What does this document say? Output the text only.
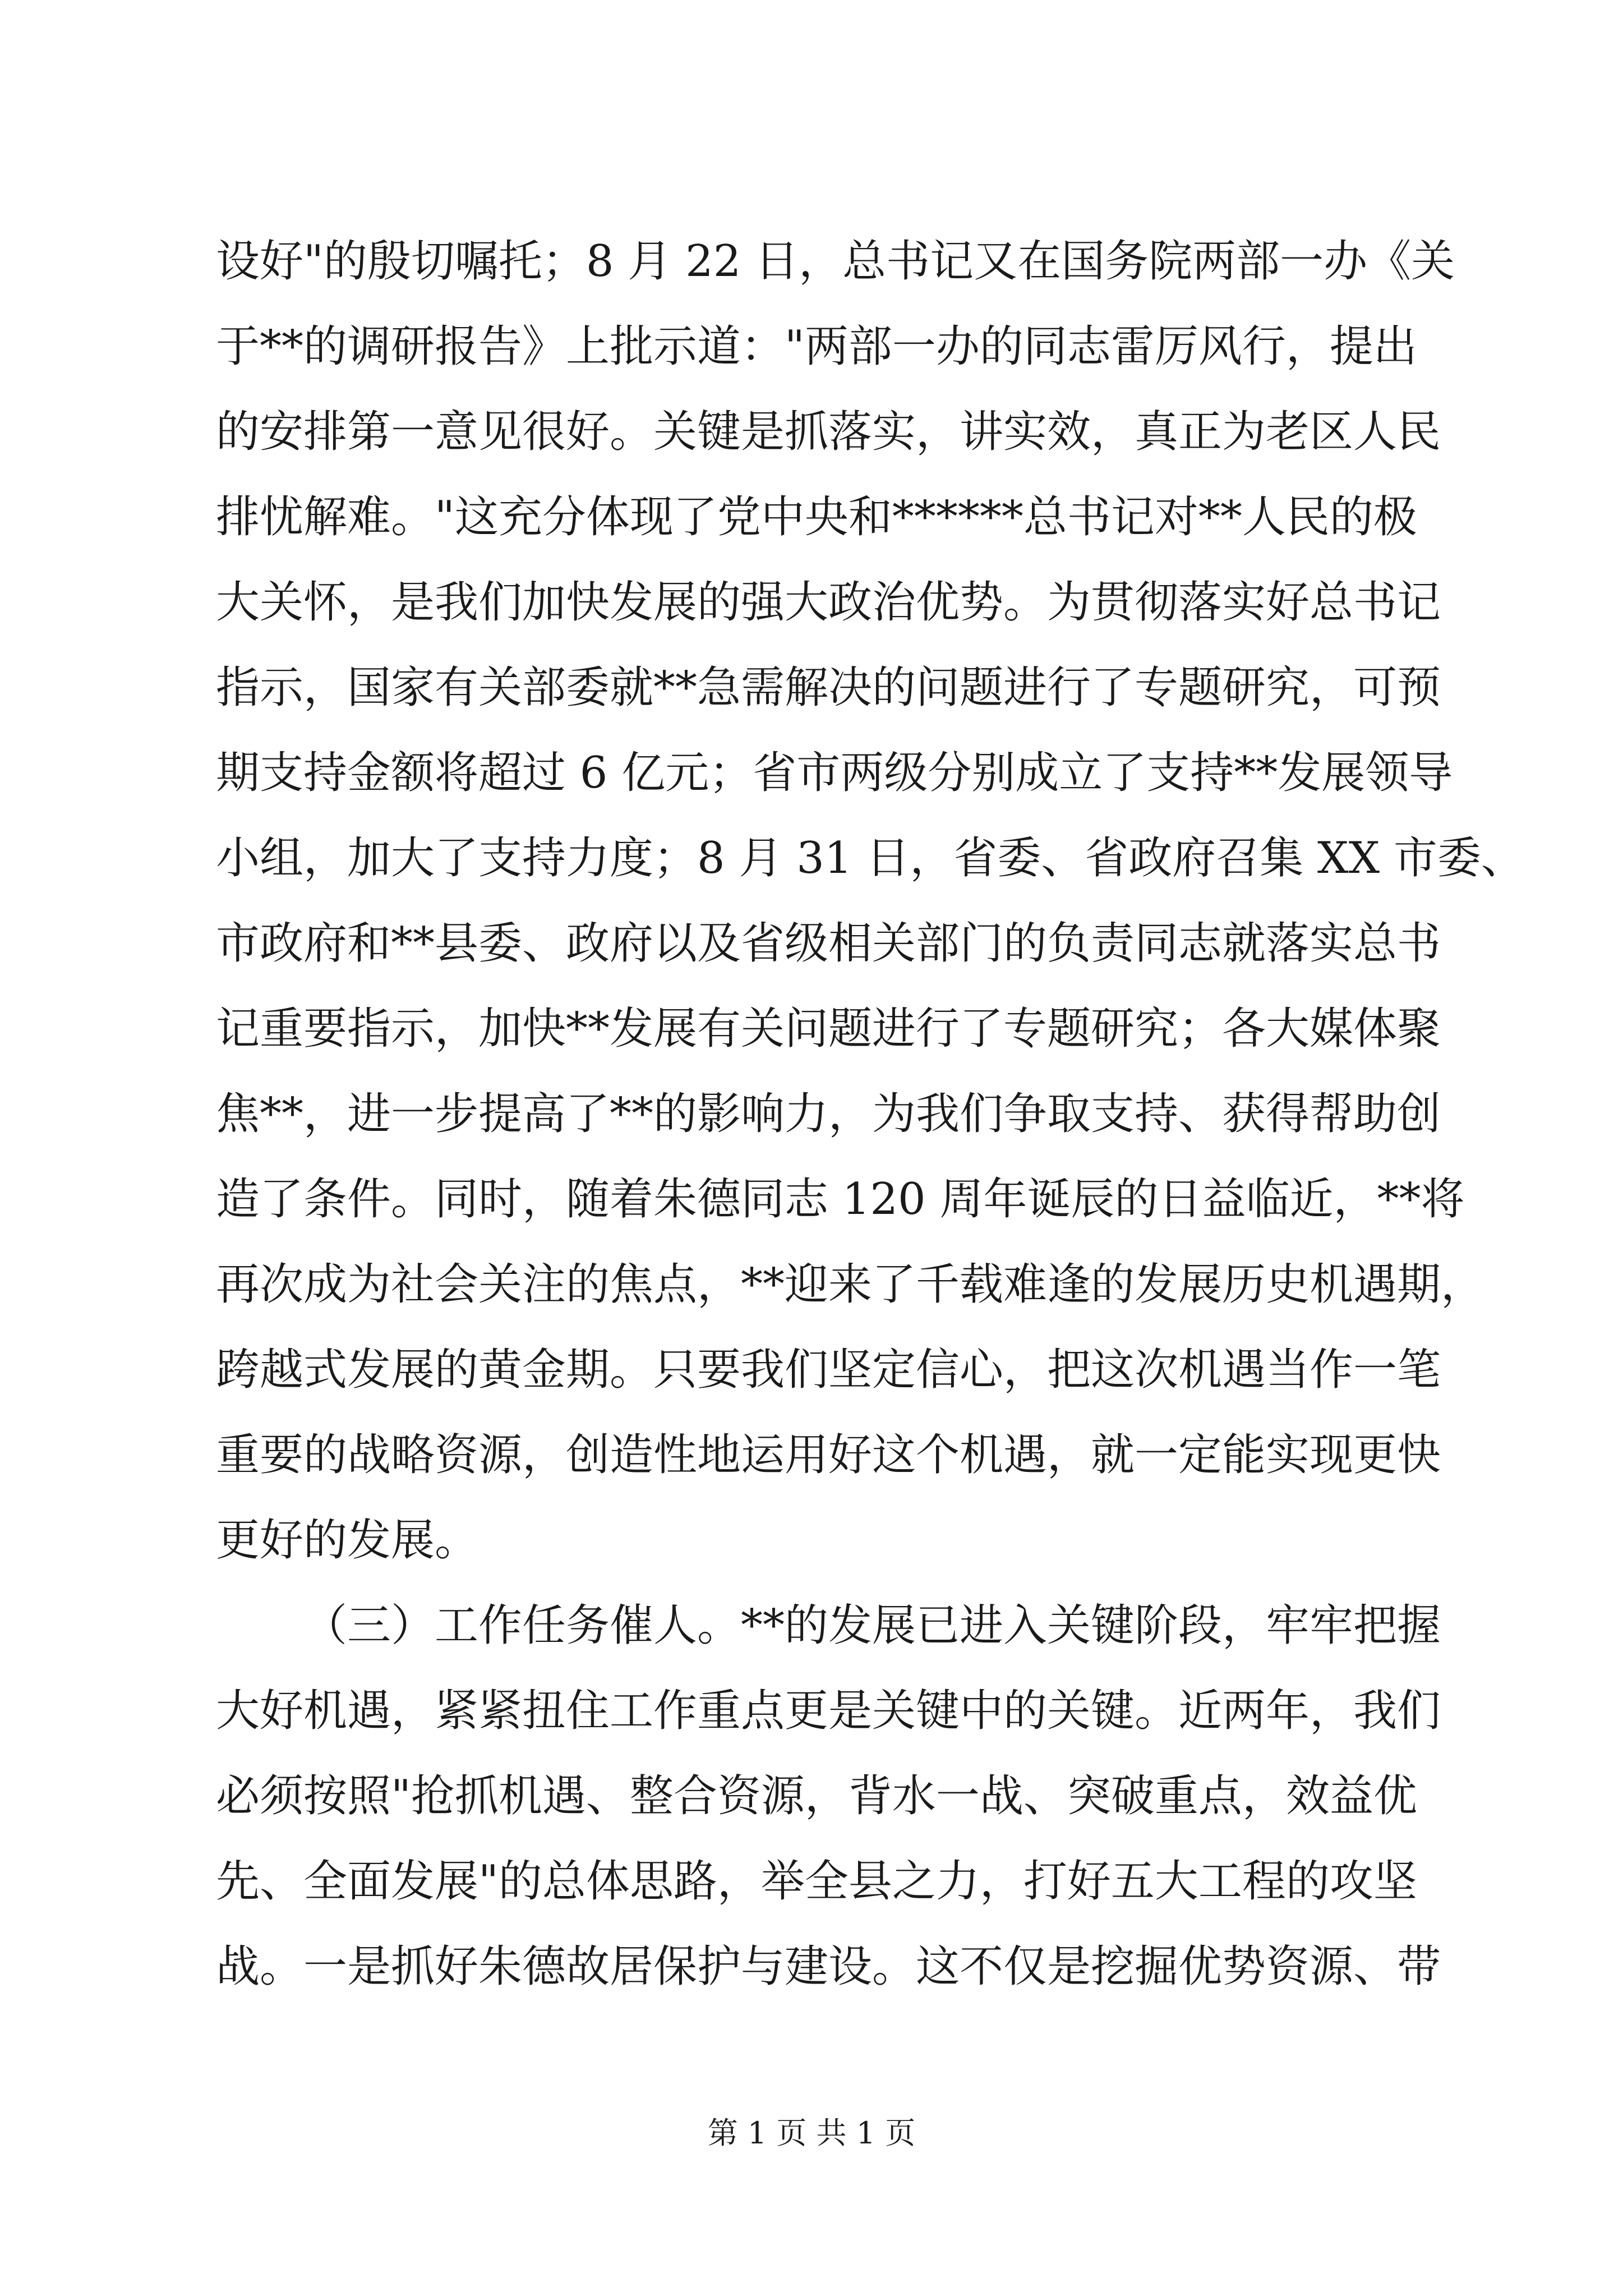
设好"的殷切嘱托；8 月 22 日，总书记又在国务院两部一办《关
于**的调研报告》上批示道："两部一办的同志雷厉风行，提出
的安排第一意见很好。关键是抓落实，讲实效，真正为老区人民
排忧解难。"这充分体现了党中央和******总书记对**人民的极
大关怀，是我们加快发展的强大政治优势。为贯彻落实好总书记
指示，国家有关部委就**急需解决的问题进行了专题研究，可预
期支持金额将超过 6 亿元；省市两级分别成立了支持**发展领导
小组，加大了支持力度；8 月 31 日，省委、省政府召集 XX 市委、
市政府和**县委、政府以及省级相关部门的负责同志就落实总书
记重要指示，加快**发展有关问题进行了专题研究；各大媒体聚
焦**，进一步提高了**的影响力，为我们争取支持、获得帮助创
造了条件。同时，随着朱德同志 120 周年诞辰的日益临近，**将
再次成为社会关注的焦点，**迎来了千载难逢的发展历史机遇期，
跨越式发展的黄金期。只要我们坚定信心，把这次机遇当作一笔
重要的战略资源，创造性地运用好这个机遇，就一定能实现更快
更好的发展。
（三）工作任务催人。**的发展已进入关键阶段，牢牢把握
大好机遇，紧紧扭住工作重点更是关键中的关键。近两年，我们
必须按照"抢抓机遇、整合资源，背水一战、突破重点，效益优
先、全面发展"的总体思路，举全县之力，打好五大工程的攻坚
战。一是抓好朱德故居保护与建设。这不仅是挖掘优势资源、带
第 1 页 共 1 页
